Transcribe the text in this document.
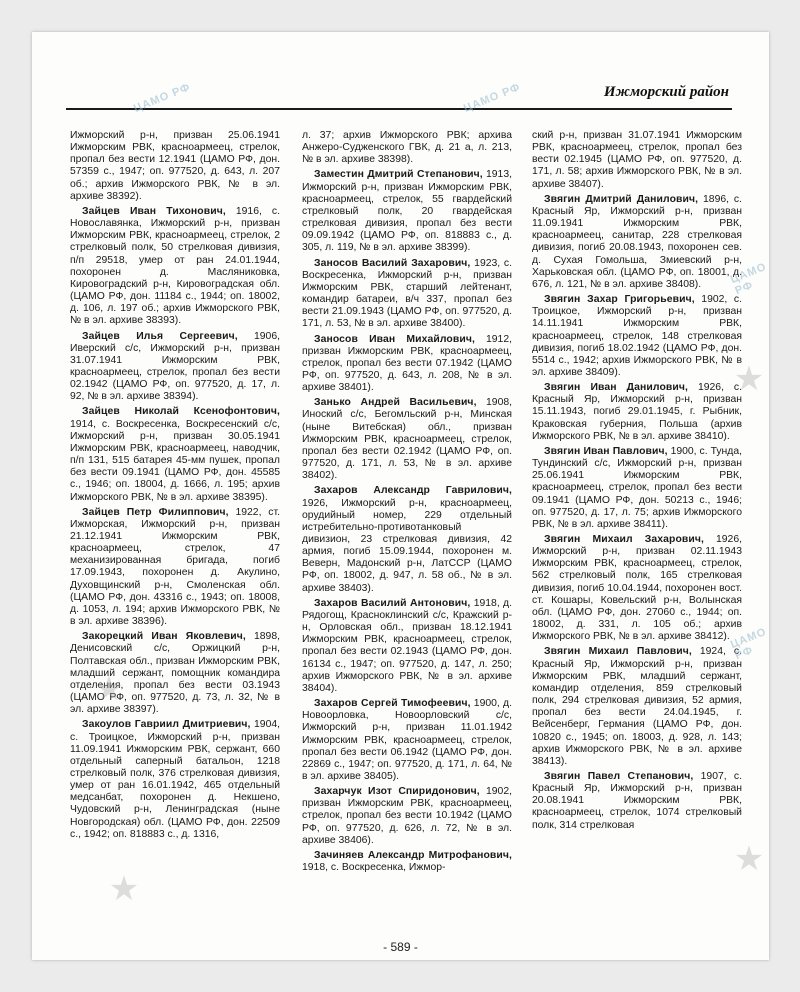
Ижморский район

Ижморский р-н, призван 25.06.1941 Ижморским РВК, красноармеец, стрелок, пропал без вести 12.1941 (ЦАМО РФ, дон. 57359 с., 1947; оп. 977520, д. 643, л. 207 об.; архив Ижморского РВК, № в эл. архиве 38392).

Зайцев Иван Тихонович, 1916, с. Новославянка, Ижморский р-н, призван Ижморским РВК, красноармеец, стрелок, 2 стрелковый полк, 50 стрелковая дивизия, п/п 29518, умер от ран 24.01.1944, похоронен д. Масляниковка, Кировоградский р-н, Кировоградская обл. (ЦАМО РФ, дон. 11184 с., 1944; оп. 18002, д. 106, л. 197 об.; архив Ижморского РВК, № в эл. архиве 38393).

Зайцев Илья Сергеевич, 1906, Иверский с/с, Ижморский р-н, призван 31.07.1941 Ижморским РВК, красноармеец, стрелок, пропал без вести 02.1942 (ЦАМО РФ, оп. 977520, д. 17, л. 92, № в эл. архиве 38394).

Зайцев Николай Ксенофонтович, 1914, с. Воскресенка, Воскресенский с/с, Ижморский р-н, призван 30.05.1941 Ижморским РВК, красноармеец, наводчик, п/п 131, 515 батарея 45-мм пушек, пропал без вести 09.1941 (ЦАМО РФ, дон. 45585 с., 1946; оп. 18004, д. 1666, л. 195; архив Ижморского РВК, № в эл. архиве 38395).

Зайцев Петр Филиппович, 1922, ст. Ижморская, Ижморский р-н, призван 21.12.1941 Ижморским РВК, красноармеец, стрелок, 47 механизированная бригада, погиб 17.09.1943, похоронен д. Акулино, Духовщинский р-н, Смоленская обл. (ЦАМО РФ, дон. 43316 с., 1943; оп. 18008, д. 1053, л. 194; архив Ижморского РВК, № в эл. архиве 38396).

Закорецкий Иван Яковлевич, 1898, Денисовский с/с, Оржицкий р-н, Полтавская обл., призван Ижморским РВК, младший сержант, помощник командира отделения, пропал без вести 03.1943 (ЦАМО РФ, оп. 977520, д. 73, л. 32, № в эл. архиве 38397).

Закоулов Гавриил Дмитриевич, 1904, с. Троицкое, Ижморский р-н, призван 11.09.1941 Ижморским РВК, сержант, 660 отдельный саперный батальон, 1218 стрелковый полк, 376 стрелковая дивизия, умер от ран 16.01.1942, 465 отдельный медсанбат, похоронен д. Некшено, Чудовский р-н, Ленинградская (ныне Новгородская) обл. (ЦАМО РФ, дон. 22509 с., 1942; оп. 818883 с., д. 1316,

л. 37; архив Ижморского РВК; архива Анжеро-Судженского ГВК, д. 21 а, л. 213, № в эл. архиве 38398).

Заместин Дмитрий Степанович, 1913, Ижморский р-н, призван Ижморским РВК, красноармеец, стрелок, 55 гвардейский стрелковый полк, 20 гвардейская стрелковая дивизия, пропал без вести 09.09.1942 (ЦАМО РФ, оп. 818883 с., д. 305, л. 119, № в эл. архиве 38399).

Заносов Василий Захарович, 1923, с. Воскресенка, Ижморский р-н, призван Ижморским РВК, старший лейтенант, командир батареи, в/ч 337, пропал без вести 21.09.1943 (ЦАМО РФ, оп. 977520, д. 171, л. 53, № в эл. архиве 38400).

Заносов Иван Михайлович, 1912, призван Ижморским РВК, красноармеец, стрелок, пропал без вести 07.1942 (ЦАМО РФ, оп. 977520, д. 643, л. 208, № в эл. архиве 38401).

Занько Андрей Васильевич, 1908, Иноский с/с, Бегомльский р-н, Минская (ныне Витебская) обл., призван Ижморским РВК, красноармеец, стрелок, пропал без вести 02.1942 (ЦАМО РФ, оп. 977520, д. 171, л. 53, № в эл. архиве 38402).

Захаров Александр Гаврилович, 1926, Ижморский р-н, красноармеец, орудийный номер, 229 отдельный истребительно-противотанковый дивизион, 23 стрелковая дивизия, 42 армия, погиб 15.09.1944, похоронен м. Веверн, Мадонский р-н, ЛатССР (ЦАМО РФ, оп. 18002, д. 947, л. 58 об., № в эл. архиве 38403).

Захаров Василий Антонович, 1918, д. Рядогощ, Красноклинский с/с, Кражский р-н, Орловская обл., призван 18.12.1941 Ижморским РВК, красноармеец, стрелок, пропал без вести 02.1943 (ЦАМО РФ, дон. 16134 с., 1947; оп. 977520, д. 147, л. 250; архив Ижморского РВК, № в эл. архиве 38404).

Захаров Сергей Тимофеевич, 1900, д. Новоорловка, Новоорловский с/с, Ижморский р-н, призван 11.01.1942 Ижморским РВК, красноармеец, стрелок, пропал без вести 06.1942 (ЦАМО РФ, дон. 22869 с., 1947; оп. 977520, д. 171, л. 64, № в эл. архиве 38405).

Захарчук Изот Спиридонович, 1902, призван Ижморским РВК, красноармеец, стрелок, пропал без вести 10.1942 (ЦАМО РФ, оп. 977520, д. 626, л. 72, № в эл. архиве 38406).

Зачиняев Александр Митрофанович, 1918, с. Воскресенка, Ижмор-

ский р-н, призван 31.07.1941 Ижморским РВК, красноармеец, стрелок, пропал без вести 02.1945 (ЦАМО РФ, оп. 977520, д. 171, л. 58; архив Ижморского РВК, № в эл. архиве 38407).

Звягин Дмитрий Данилович, 1896, с. Красный Яр, Ижморский р-н, призван 11.09.1941 Ижморским РВК, красноармеец, санитар, 228 стрелковая дивизия, погиб 20.08.1943, похоронен сев. д. Сухая Гомольша, Змиевский р-н, Харьковская обл. (ЦАМО РФ, оп. 18001, д. 676, л. 121, № в эл. архиве 38408).

Звягин Захар Григорьевич, 1902, с. Троицкое, Ижморский р-н, призван 14.11.1941 Ижморским РВК, красноармеец, стрелок, 148 стрелковая дивизия, погиб 18.02.1942 (ЦАМО РФ, дон. 5514 с., 1942; архив Ижморского РВК, № в эл. архиве 38409).

Звягин Иван Данилович, 1926, с. Красный Яр, Ижморский р-н, призван 15.11.1943, погиб 29.01.1945, г. Рыбник, Краковская губерния, Польша (архив Ижморского РВК, № в эл. архиве 38410).

Звягин Иван Павлович, 1900, с. Тунда, Тундинский с/с, Ижморский р-н, призван 25.06.1941 Ижморским РВК, красноармеец, стрелок, пропал без вести 09.1941 (ЦАМО РФ, дон. 50213 с., 1946; оп. 977520, д. 17, л. 75; архив Ижморского РВК, № в эл. архиве 38411).

Звягин Михаил Захарович, 1926, Ижморский р-н, призван 02.11.1943 Ижморским РВК, красноармеец, стрелок, 562 стрелковый полк, 165 стрелковая дивизия, погиб 10.04.1944, похоронен вост. ст. Кошары, Ковельский р-н, Волынская обл. (ЦАМО РФ, дон. 27060 с., 1944; оп. 18002, д. 331, л. 105 об.; архив Ижморского РВК, № в эл. архиве 38412).

Звягин Михаил Павлович, 1924, с. Красный Яр, Ижморский р-н, призван Ижморским РВК, младший сержант, командир отделения, 859 стрелковый полк, 294 стрелковая дивизия, 52 армия, пропал без вести 24.04.1945, г. Вейсенберг, Германия (ЦАМО РФ, дон. 10820 с., 1945; оп. 18003, д. 928, л. 143; архив Ижморского РВК, № в эл. архиве 38413).

Звягин Павел Степанович, 1907, с. Красный Яр, Ижморский р-н, призван 20.08.1941 Ижморским РВК, красноармеец, стрелок, 1074 стрелковый полк, 314 стрелковая

- 589 -
ЦАМО РФ	ЦАМО РФ
ЦАМО РФ
ЦАМО РФ
★
★
★
★
